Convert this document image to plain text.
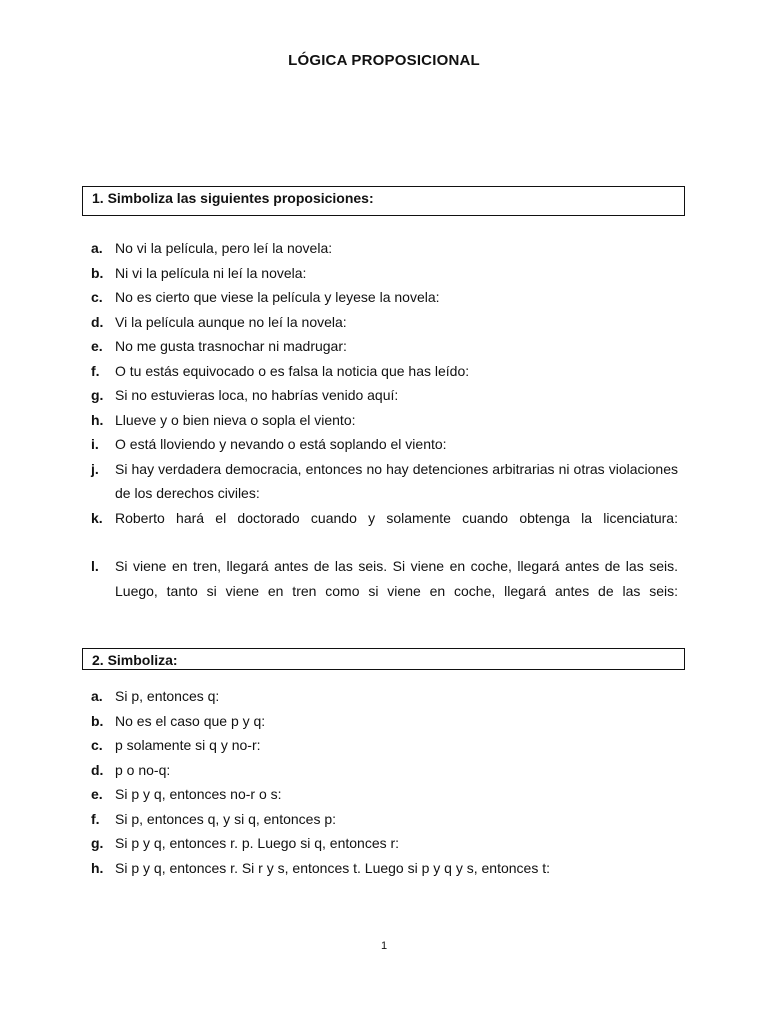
LÓGICA PROPOSICIONAL
1. Simboliza las siguientes proposiciones:
a. No vi la película, pero leí la novela:
b. Ni vi la película ni leí la novela:
c. No es cierto que viese la película y leyese la novela:
d. Vi la película aunque no leí la novela:
e. No me gusta trasnochar ni madrugar:
f. O tu estás equivocado o es falsa la noticia que has leído:
g. Si no estuvieras loca, no habrías venido aquí:
h. Llueve y o bien nieva o sopla el viento:
i. O está lloviendo y nevando o está soplando el viento:
j. Si hay verdadera democracia, entonces no hay detenciones arbitrarias ni otras violaciones de los derechos civiles:
k. Roberto hará el doctorado cuando y solamente cuando obtenga la licenciatura:
l. Si viene en tren, llegará antes de las seis. Si viene en coche, llegará antes de las seis. Luego, tanto si viene en tren como si viene en coche, llegará antes de las seis:
2. Simboliza:
a. Si p, entonces q:
b. No es el caso que p y q:
c. p solamente si q y no-r:
d. p o no-q:
e. Si p y q, entonces no-r o s:
f. Si p, entonces q, y si q, entonces p:
g. Si p y q, entonces r. p. Luego si q, entonces r:
h. Si p y q, entonces r. Si r y s, entonces t. Luego si p y q y s, entonces t:
1
